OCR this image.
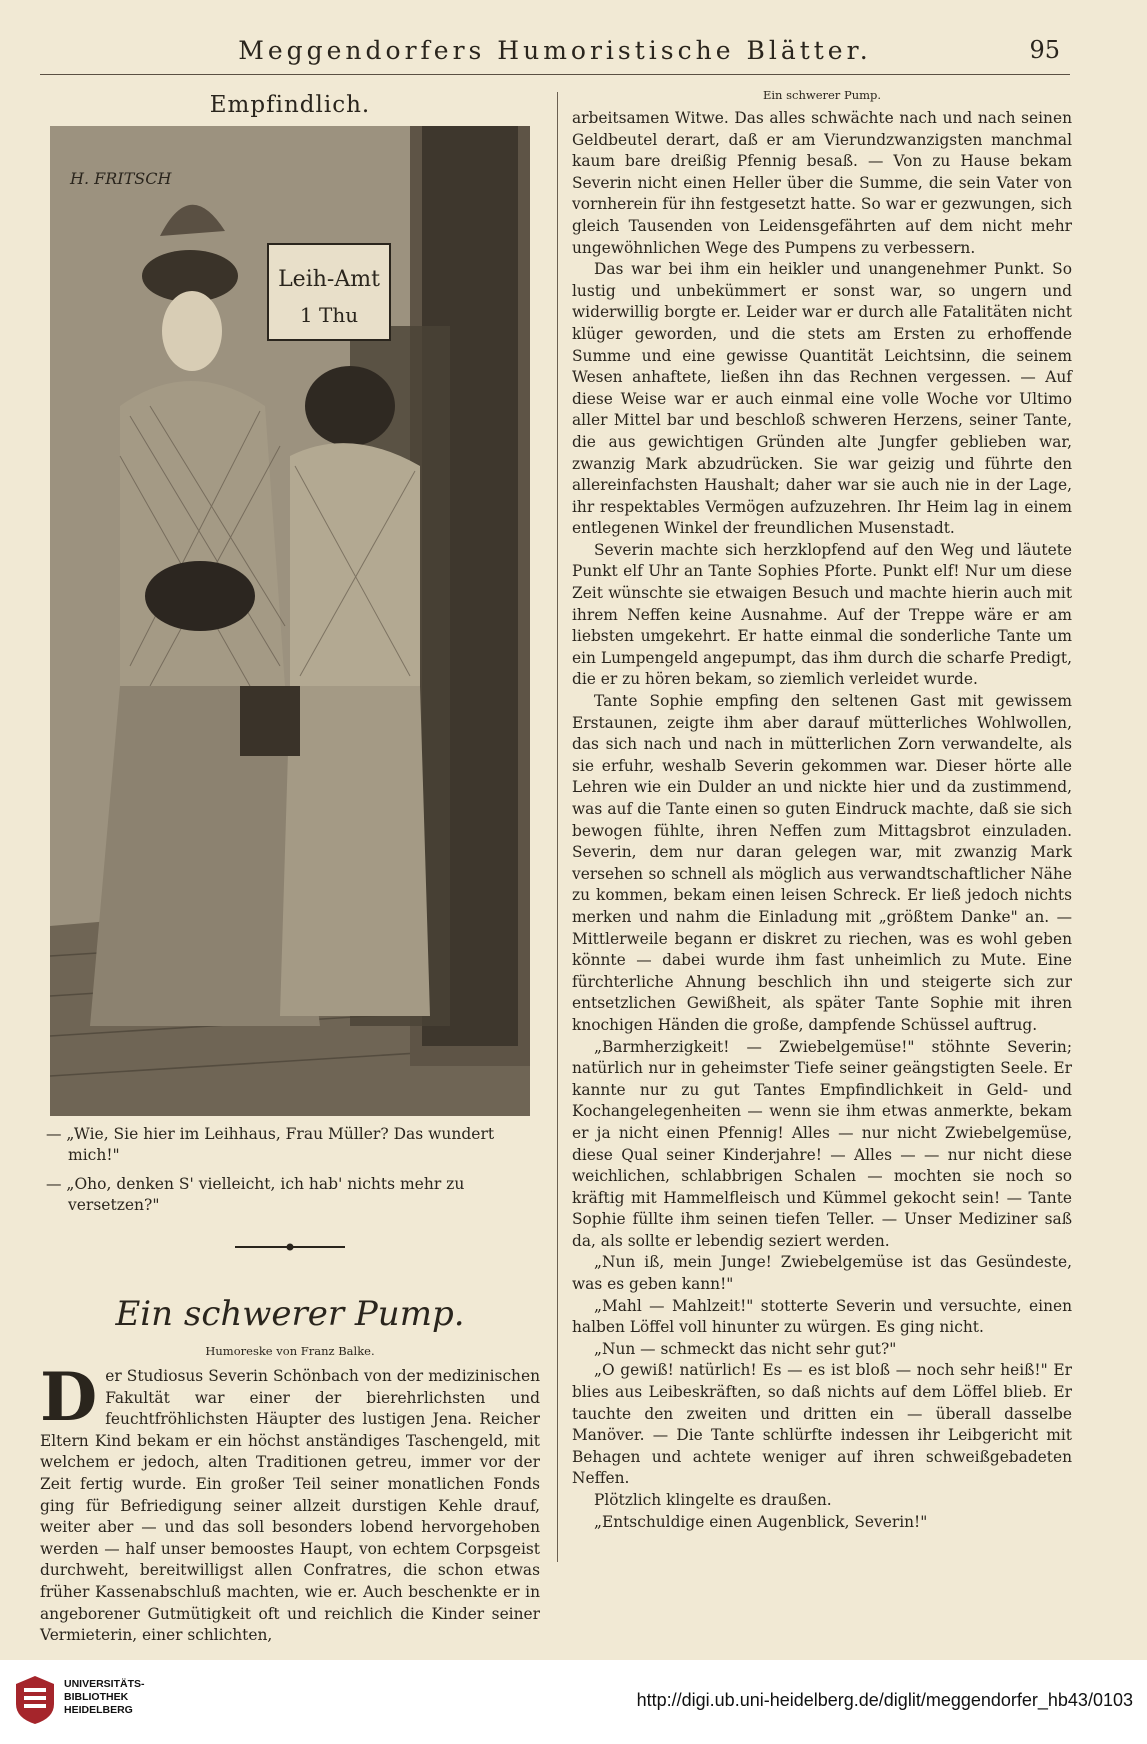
Meggendorfers Humoristische Blätter.	95
Empfindlich.
Leih-Amt
1 Thu
H. FRITSCH
— „Wie, Sie hier im Leihhaus, Frau Müller? Das wundert mich!"
— „Oho, denken S' vielleicht, ich hab' nichts mehr zu versetzen?"
Ein schwerer Pump.
Humoreske von Franz Balke.
D er Studiosus Severin Schönbach von der medizinischen Fakultät war einer der bierehrlichsten und feuchtfröhlichsten Häupter des lustigen Jena. Reicher Eltern Kind bekam er ein höchst anständiges Taschengeld, mit welchem er jedoch, alten Traditionen getreu, immer vor der Zeit fertig wurde. Ein großer Teil seiner monatlichen Fonds ging für Befriedigung seiner allzeit durstigen Kehle drauf, weiter aber — und das soll besonders lobend hervorgehoben werden — half unser bemoostes Haupt, von echtem Corpsgeist durchweht, bereitwilligst allen Confratres, die schon etwas früher Kassenabschluß machten, wie er. Auch beschenkte er in angeborener Gutmütigkeit oft und reichlich die Kinder seiner Vermieterin, einer schlichten,

Ein schwerer Pump.

arbeitsamen Witwe. Das alles schwächte nach und nach seinen Geldbeutel derart, daß er am Vierundzwanzigsten manchmal kaum bare dreißig Pfennig besaß. — Von zu Hause bekam Severin nicht einen Heller über die Summe, die sein Vater von vornherein für ihn festgesetzt hatte. So war er gezwungen, sich gleich Tausenden von Leidensgefährten auf dem nicht mehr ungewöhnlichen Wege des Pumpens zu verbessern.

Das war bei ihm ein heikler und unangenehmer Punkt. So lustig und unbekümmert er sonst war, so ungern und widerwillig borgte er. Leider war er durch alle Fatalitäten nicht klüger geworden, und die stets am Ersten zu erhoffende Summe und eine gewisse Quantität Leichtsinn, die seinem Wesen anhaftete, ließen ihn das Rechnen vergessen. — Auf diese Weise war er auch einmal eine volle Woche vor Ultimo aller Mittel bar und beschloß schweren Herzens, seiner Tante, die aus gewichtigen Gründen alte Jungfer geblieben war, zwanzig Mark abzudrücken. Sie war geizig und führte den allereinfachsten Haushalt; daher war sie auch nie in der Lage, ihr respektables Vermögen aufzuzehren. Ihr Heim lag in einem entlegenen Winkel der freundlichen Musenstadt.

Severin machte sich herzklopfend auf den Weg und läutete Punkt elf Uhr an Tante Sophies Pforte. Punkt elf! Nur um diese Zeit wünschte sie etwaigen Besuch und machte hierin auch mit ihrem Neffen keine Ausnahme. Auf der Treppe wäre er am liebsten umgekehrt. Er hatte einmal die sonderliche Tante um ein Lumpengeld angepumpt, das ihm durch die scharfe Predigt, die er zu hören bekam, so ziemlich verleidet wurde.

Tante Sophie empfing den seltenen Gast mit gewissem Erstaunen, zeigte ihm aber darauf mütterliches Wohlwollen, das sich nach und nach in mütterlichen Zorn verwandelte, als sie erfuhr, weshalb Severin gekommen war. Dieser hörte alle Lehren wie ein Dulder an und nickte hier und da zustimmend, was auf die Tante einen so guten Eindruck machte, daß sie sich bewogen fühlte, ihren Neffen zum Mittagsbrot einzuladen. Severin, dem nur daran gelegen war, mit zwanzig Mark versehen so schnell als möglich aus verwandtschaftlicher Nähe zu kommen, bekam einen leisen Schreck. Er ließ jedoch nichts merken und nahm die Einladung mit „größtem Danke" an. — Mittlerweile begann er diskret zu riechen, was es wohl geben könnte — dabei wurde ihm fast unheimlich zu Mute. Eine fürchterliche Ahnung beschlich ihn und steigerte sich zur entsetzlichen Gewißheit, als später Tante Sophie mit ihren knochigen Händen die große, dampfende Schüssel auftrug.

„Barmherzigkeit! — Zwiebelgemüse!" stöhnte Severin; natürlich nur in geheimster Tiefe seiner geängstigten Seele. Er kannte nur zu gut Tantes Empfindlichkeit in Geld- und Kochangelegenheiten — wenn sie ihm etwas anmerkte, bekam er ja nicht einen Pfennig! Alles — nur nicht Zwiebelgemüse, diese Qual seiner Kinderjahre! — Alles — — nur nicht diese weichlichen, schlabbrigen Schalen — mochten sie noch so kräftig mit Hammelfleisch und Kümmel gekocht sein! — Tante Sophie füllte ihm seinen tiefen Teller. — Unser Mediziner saß da, als sollte er lebendig seziert werden.

„Nun iß, mein Junge! Zwiebelgemüse ist das Gesündeste, was es geben kann!"

„Mahl — Mahlzeit!" stotterte Severin und versuchte, einen halben Löffel voll hinunter zu würgen. Es ging nicht.

„Nun — schmeckt das nicht sehr gut?"

„O gewiß! natürlich! Es — es ist bloß — noch sehr heiß!" Er blies aus Leibeskräften, so daß nichts auf dem Löffel blieb. Er tauchte den zweiten und dritten ein — überall dasselbe Manöver. — Die Tante schlürfte indessen ihr Leibgericht mit Behagen und achtete weniger auf ihren schweißgebadeten Neffen.

Plötzlich klingelte es draußen.

„Entschuldige einen Augenblick, Severin!"

UNIVERSITÄTS-
BIBLIOTHEK
HEIDELBERG	http://digi.ub.uni-heidelberg.de/diglit/meggendorfer_hb43/0103
